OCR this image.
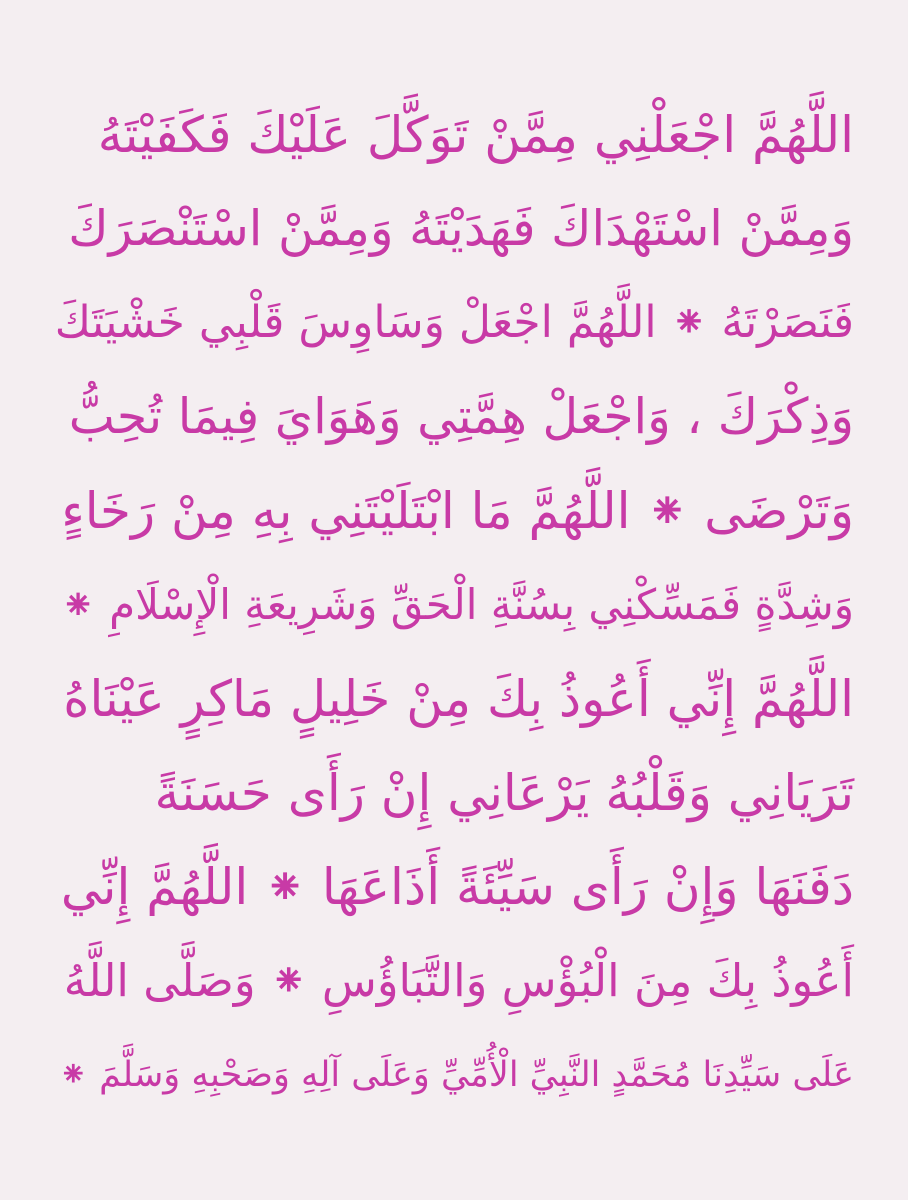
اللَّهُمَّ اجْعَلْنِي مِمَّنْ تَوَكَّلَ عَلَيْكَ فَكَفَيْتَهُ
وَمِمَّنْ اسْتَهْدَاكَ فَهَدَيْتَهُ وَمِمَّنْ اسْتَنْصَرَكَ
فَنَصَرْتَهُ ⁕ اللَّهُمَّ اجْعَلْ وَسَاوِسَ قَلْبِي خَشْيَتَكَ
وَذِكْرَكَ ، وَاجْعَلْ هِمَّتِي وَهَوَايَ فِيمَا تُحِبُّ
وَتَرْضَى ⁕ اللَّهُمَّ مَا ابْتَلَيْتَنِي بِهِ مِنْ رَخَاءٍ
وَشِدَّةٍ فَمَسِّكْنِي بِسُنَّةِ الْحَقِّ وَشَرِيعَةِ الْإِسْلَامِ ⁕
اللَّهُمَّ إِنِّي أَعُوذُ بِكَ مِنْ خَلِيلٍ مَاكِرٍ عَيْنَاهُ
تَرَيَانِي وَقَلْبُهُ يَرْعَانِي إِنْ رَأَى حَسَنَةً
دَفَنَهَا وَإِنْ رَأَى سَيِّئَةً أَذَاعَهَا ⁕ اللَّهُمَّ إِنِّي
أَعُوذُ بِكَ مِنَ الْبُؤْسِ وَالتَّبَاؤُسِ ⁕ وَصَلَّى اللَّهُ
عَلَى سَيِّدِنَا مُحَمَّدٍ النَّبِيِّ الْأُمِّيِّ وَعَلَى آلِهِ وَصَحْبِهِ وَسَلَّمَ ⁕
